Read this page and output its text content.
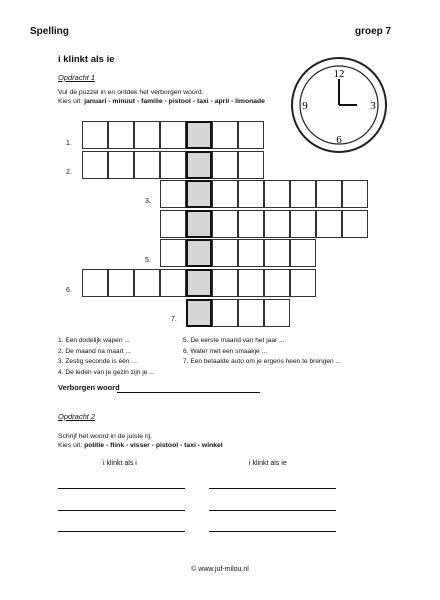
Spelling	groep 7
i klinkt als ie
Opdracht 1
Vul de puzzel in en ontdek het verborgen woord.
Kies uit: januari - minuut - familie - pistool - taxi - april - limonade
12
3
6
9
1.
2.
3.
5.
6.
7.
1. Een dodelijk wapen ...
2. De maand na maart ...
3. Zestig seconde is één ...
4. De leden van je gezin zijn je ...
5. De eerste maand van het jaar ...
6. Water met een smaakje ...
7. Een betaalde auto om je ergens heen te brengen ...
Verborgen woord
Opdracht 2
Schrijf het woord in de juiste rij.
Kies uit: politie - flink - visser - pistool - taxi - winkel
i klinkt als i	i klinkt als ie
© www.juf-milou.nl
